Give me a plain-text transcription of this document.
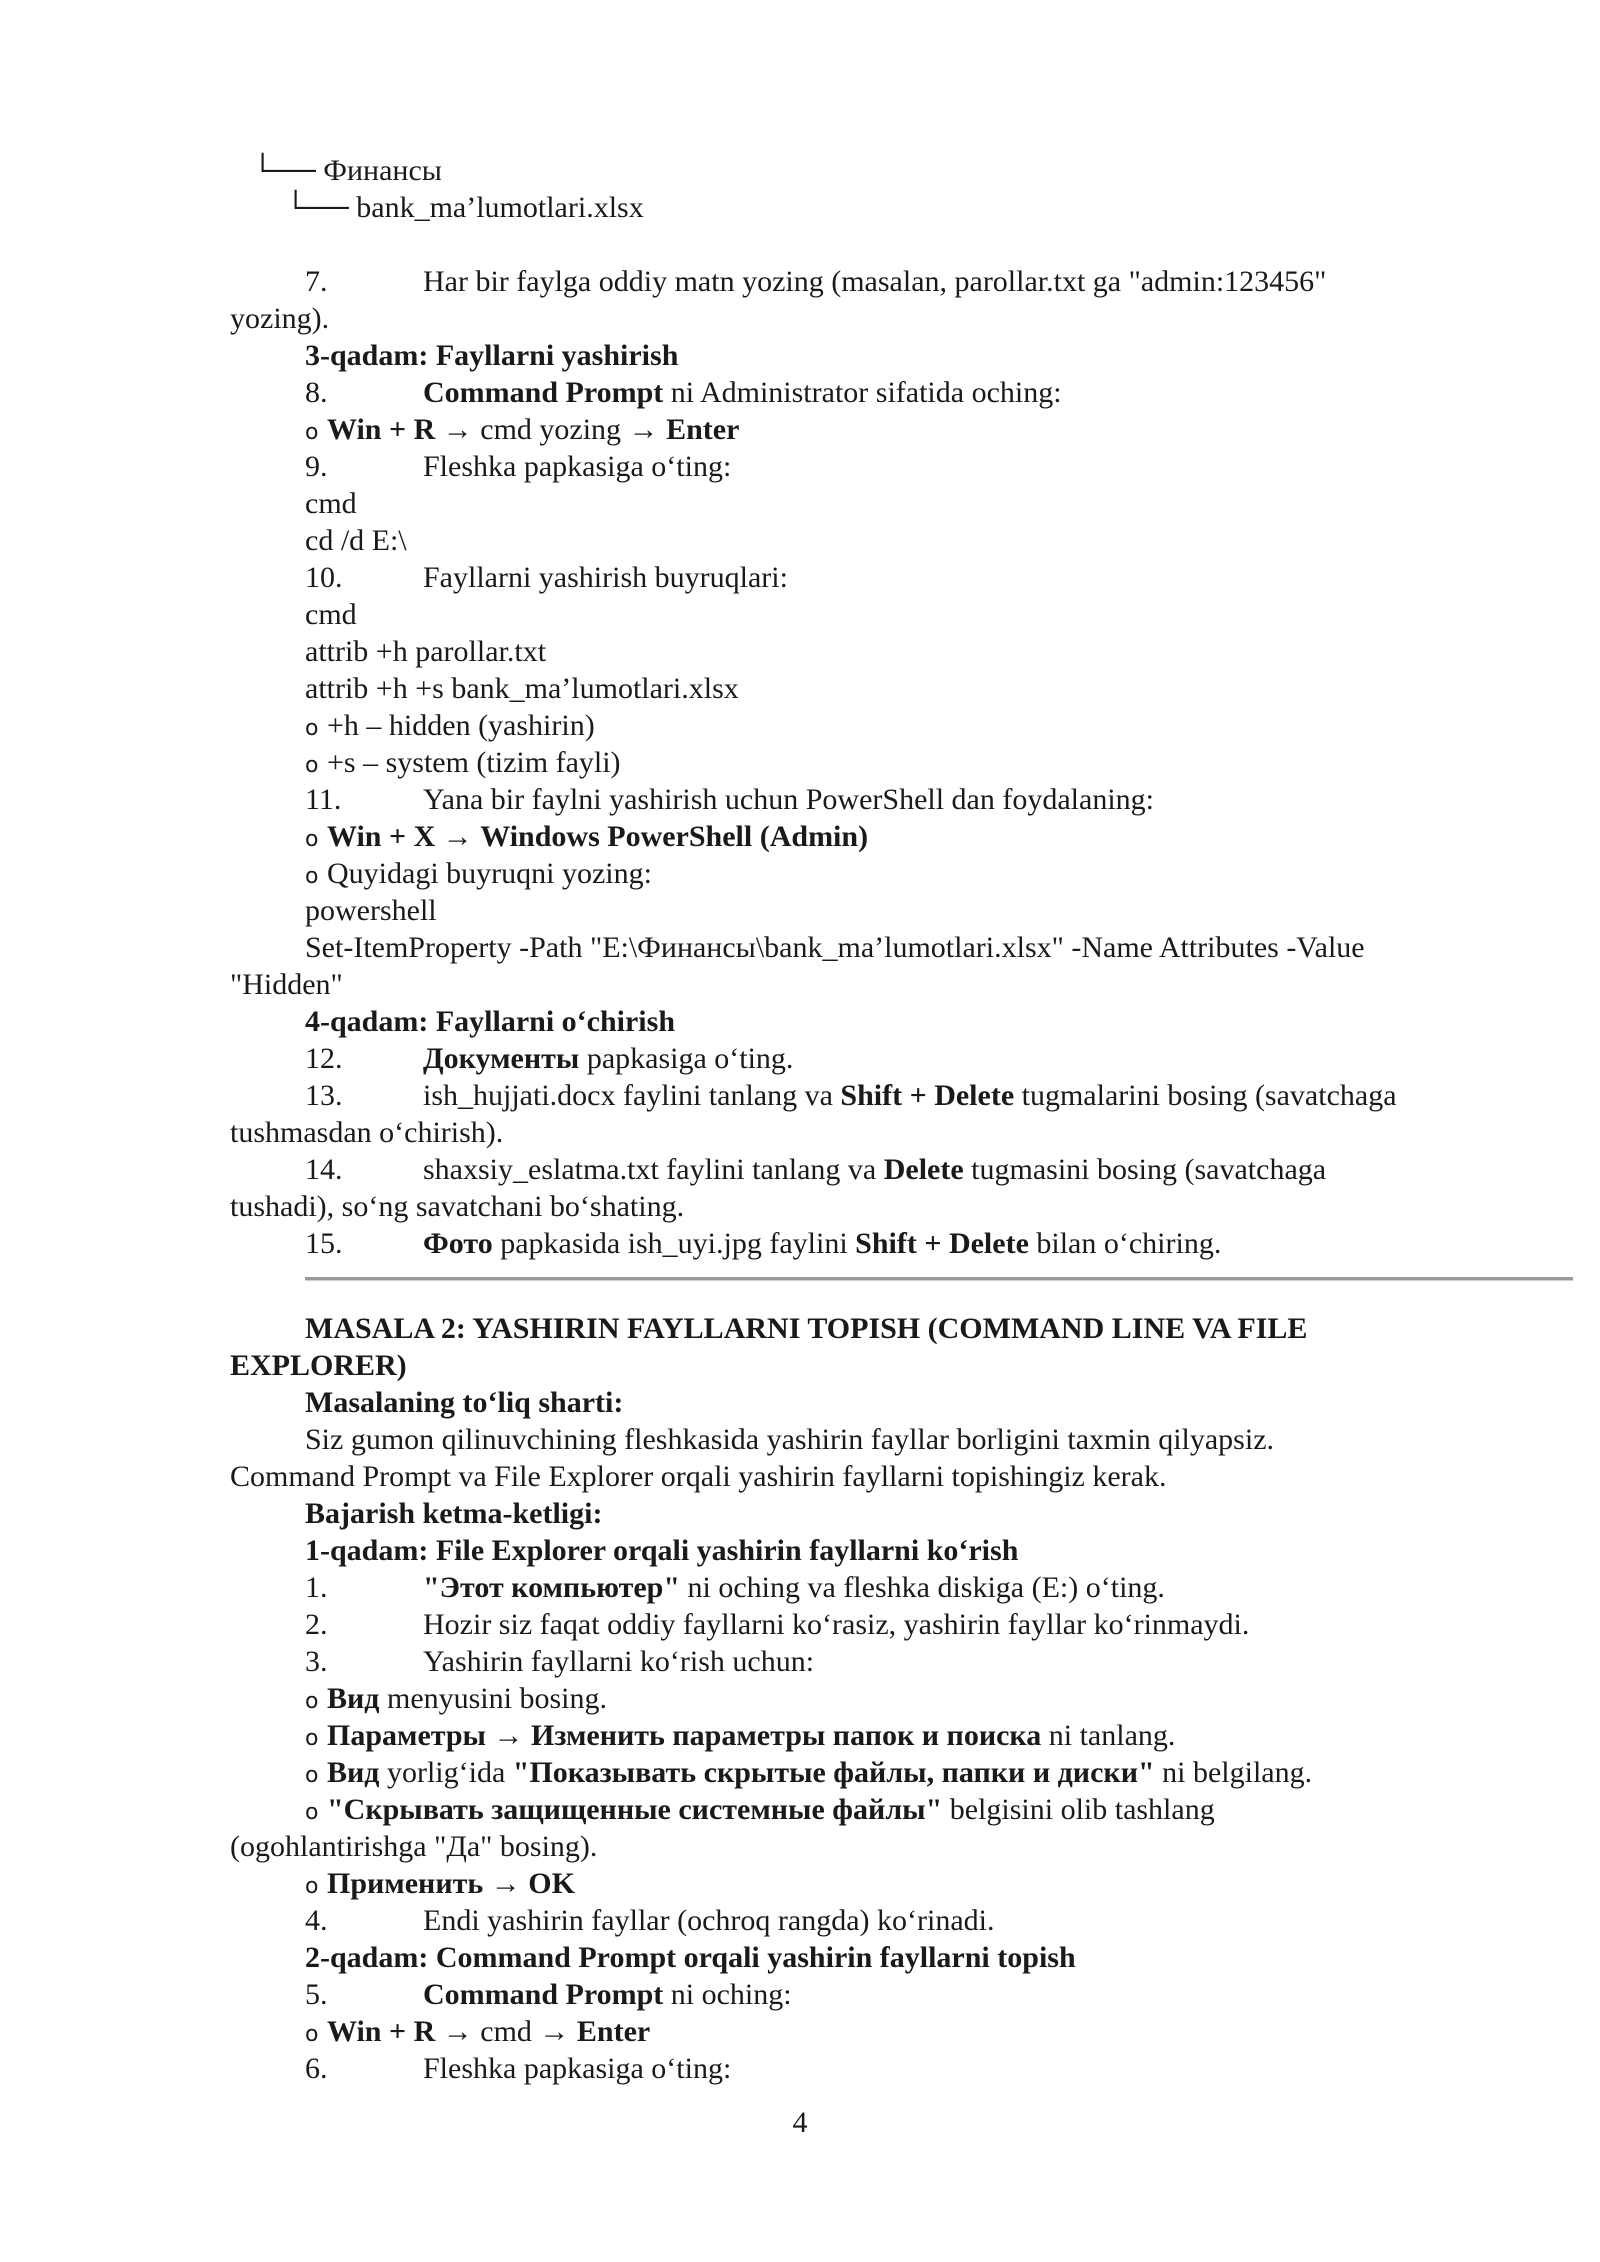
└── Финансы
└── bank_ma’lumotlari.xlsx
7.	Har bir faylga oddiy matn yozing (masalan, parollar.txt ga "admin:123456"
yozing).
3-qadam: Fayllarni yashirish
8.	Command Prompt ni Administrator sifatida oching:
o Win + R → cmd yozing → Enter
9.	Fleshka papkasiga oʻting:
cmd
cd /d E:\
10.	Fayllarni yashirish buyruqlari:
cmd
attrib +h parollar.txt
attrib +h +s bank_ma’lumotlari.xlsx
o +h – hidden (yashirin)
o +s – system (tizim fayli)
11.	Yana bir faylni yashirish uchun PowerShell dan foydalaning:
o Win + X → Windows PowerShell (Admin)
o Quyidagi buyruqni yozing:
powershell
Set-ItemProperty -Path "E:\Финансы\bank_ma’lumotlari.xlsx" -Name Attributes -Value
"Hidden"
4-qadam: Fayllarni oʻchirish
12.	Документы papkasiga oʻting.
13.	ish_hujjati.docx faylini tanlang va Shift + Delete tugmalarini bosing (savatchaga
tushmasdan oʻchirish).
14.	shaxsiy_eslatma.txt faylini tanlang va Delete tugmasini bosing (savatchaga
tushadi), soʻng savatchani boʻshating.
15.	Фото papkasida ish_uyi.jpg faylini Shift + Delete bilan oʻchiring.
MASALA 2: YASHIRIN FAYLLARNI TOPISH (COMMAND LINE VA FILE
EXPLORER)
Masalaning toʻliq sharti:
Siz gumon qilinuvchining fleshkasida yashirin fayllar borligini taxmin qilyapsiz.
Command Prompt va File Explorer orqali yashirin fayllarni topishingiz kerak.
Bajarish ketma-ketligi:
1-qadam: File Explorer orqali yashirin fayllarni koʻrish
1.	"Этот компьютер" ni oching va fleshka diskiga (E:) oʻting.
2.	Hozir siz faqat oddiy fayllarni koʻrasiz, yashirin fayllar koʻrinmaydi.
3.	Yashirin fayllarni koʻrish uchun:
o Вид menyusini bosing.
o Параметры → Изменить параметры папок и поиска ni tanlang.
o Вид yorligʻida "Показывать скрытые файлы, папки и диски" ni belgilang.
o "Скрывать защищенные системные файлы" belgisini olib tashlang
(ogohlantirishga "Да" bosing).
o Применить → OK
4.	Endi yashirin fayllar (ochroq rangda) koʻrinadi.
2-qadam: Command Prompt orqali yashirin fayllarni topish
5.	Command Prompt ni oching:
o Win + R → cmd → Enter
6.	Fleshka papkasiga oʻting:
4
